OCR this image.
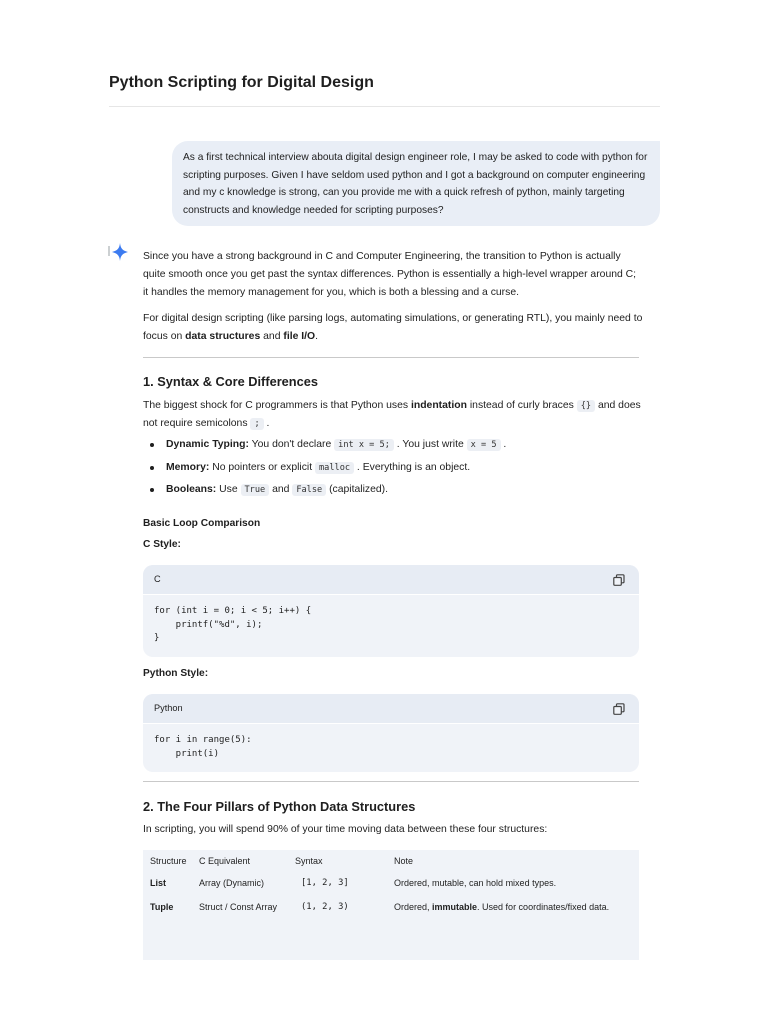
Python Scripting for Digital Design
As a first technical interview abouta digital design engineer role, I may be asked to code with python for scripting purposes. Given I have seldom used python and I got a background on computer engineering and my c knowledge is strong, can you provide me with a quick refresh of python, mainly targeting constructs and knowledge needed for scripting purposes?
Since you have a strong background in C and Computer Engineering, the transition to Python is actually quite smooth once you get past the syntax differences. Python is essentially a high-level wrapper around C; it handles the memory management for you, which is both a blessing and a curse.
For digital design scripting (like parsing logs, automating simulations, or generating RTL), you mainly need to focus on data structures and file I/O.
1. Syntax & Core Differences
The biggest shock for C programmers is that Python uses indentation instead of curly braces {} and does not require semicolons ; .
Dynamic Typing: You don't declare int x = 5; . You just write x = 5 .
Memory: No pointers or explicit malloc . Everything is an object.
Booleans: Use True and False (capitalized).
Basic Loop Comparison
C Style:
C
for (int i = 0; i < 5; i++) {
printf("%d", i);
}
Python Style:
Python
for i in range(5):
print(i)
2. The Four Pillars of Python Data Structures
In scripting, you will spend 90% of your time moving data between these four structures:
Structure	C Equivalent	Syntax	Note
List	Array (Dynamic)	[1, 2, 3]	Ordered, mutable, can hold mixed types.
Tuple	Struct / Const Array	(1, 2, 3)	Ordered, immutable. Used for coordinates/fixed data.
